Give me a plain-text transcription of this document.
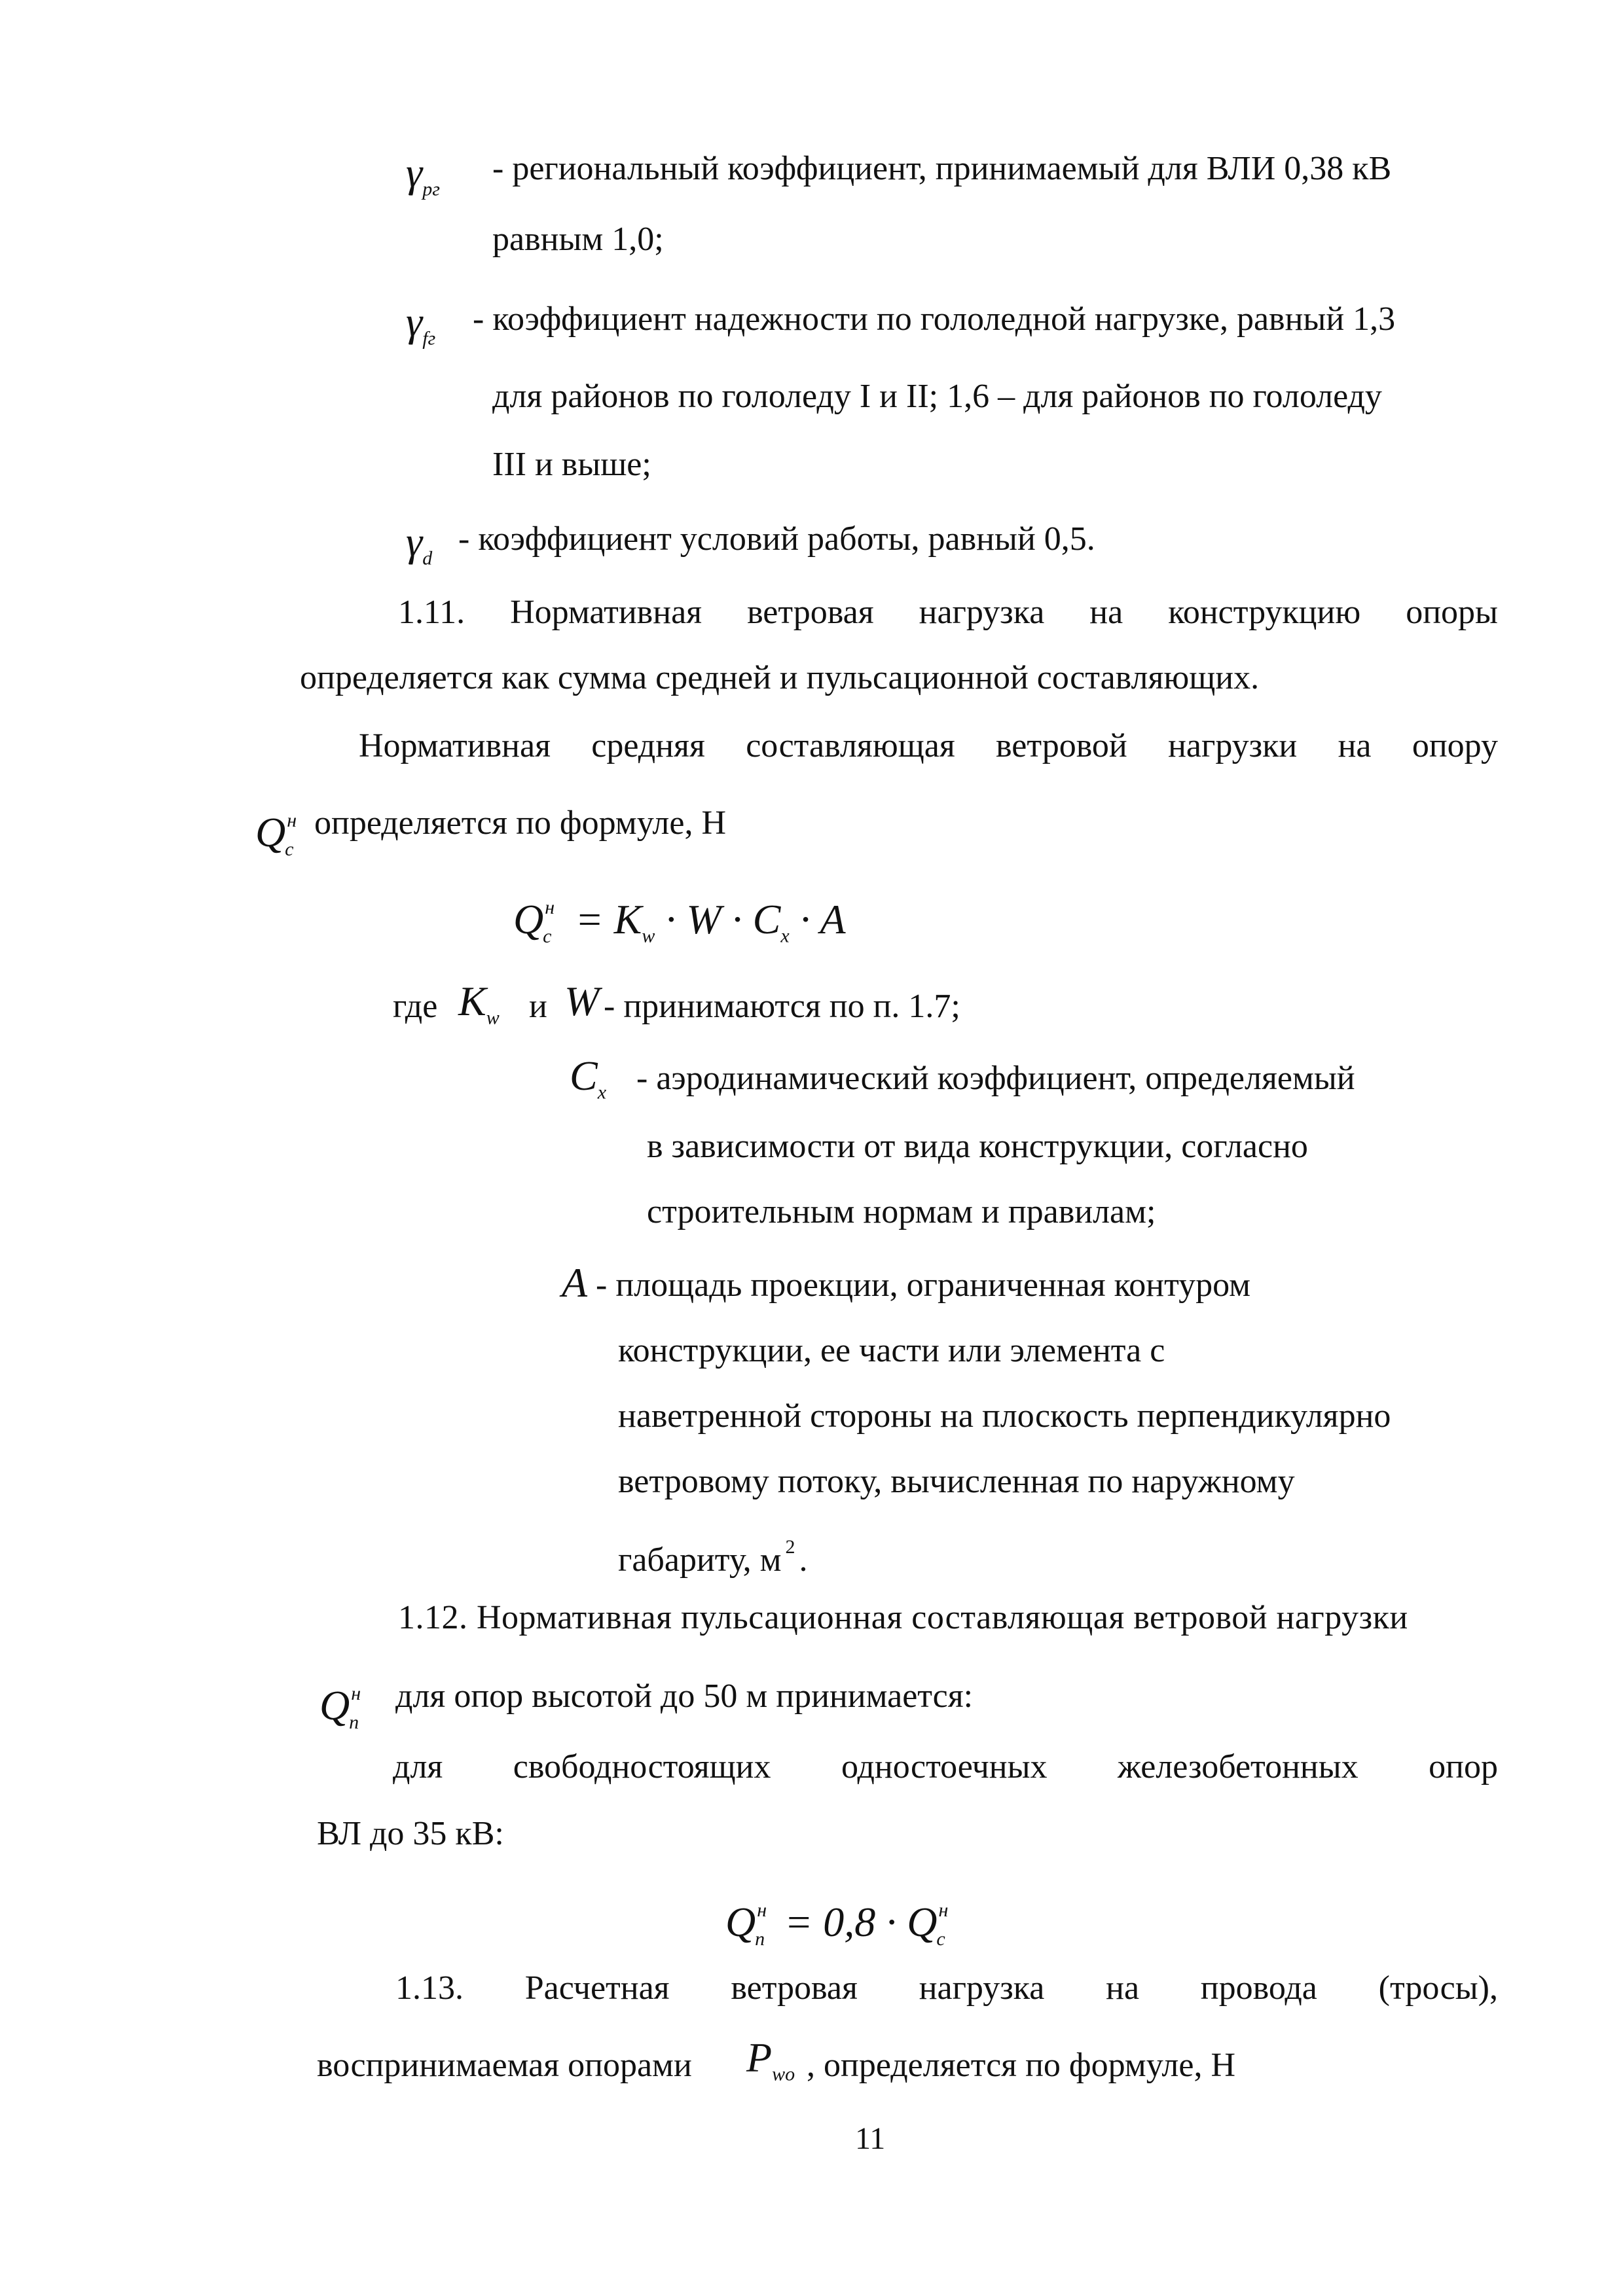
$\gamma_{рг}$
- региональный коэффициент, принимаемый для ВЛИ 0,38 кВ
равным 1,0;
$\gamma_{fг}$
- коэффициент надежности по гололедной нагрузке, равный 1,3
для районов по гололеду I и II; 1,6 – для районов по гололеду
III и выше;
$\gamma_d$
- коэффициент условий работы, равный 0,5.
1.11. Нормативная ветровая нагрузка на конструкцию опоры
определяется как сумма средней и пульсационной составляющих.
Нормативная средняя составляющая ветровой нагрузки на опору
$Q^н_с$
определяется по формуле, Н
$Q^н_с = K_w \cdot W \cdot C_x \cdot A$
где $K_w$ и W - принимаются по п. 1.7;
$C_x$ - аэродинамический коэффициент, определяемый
в зависимости от вида конструкции, согласно
строительным нормам и правилам;
A - площадь проекции, ограниченная контуром
конструкции, ее части или элемента с
наветренной стороны на плоскость перпендикулярно
ветровому потоку, вычисленная по наружному
габариту, м $^2$ .
1.12. Нормативная пульсационная составляющая ветровой нагрузки
$Q^н_п$
для опор высотой до 50 м принимается:
для свободностоящих одностоечных железобетонных опор
ВЛ до 35 кВ:
$Q^н_п = 0,8 \cdot Q^н_с$
1.13. Расчетная ветровая нагрузка на провода (тросы),
воспринимаемая опорами $P_{wo}$ , определяется по формуле, Н
11
